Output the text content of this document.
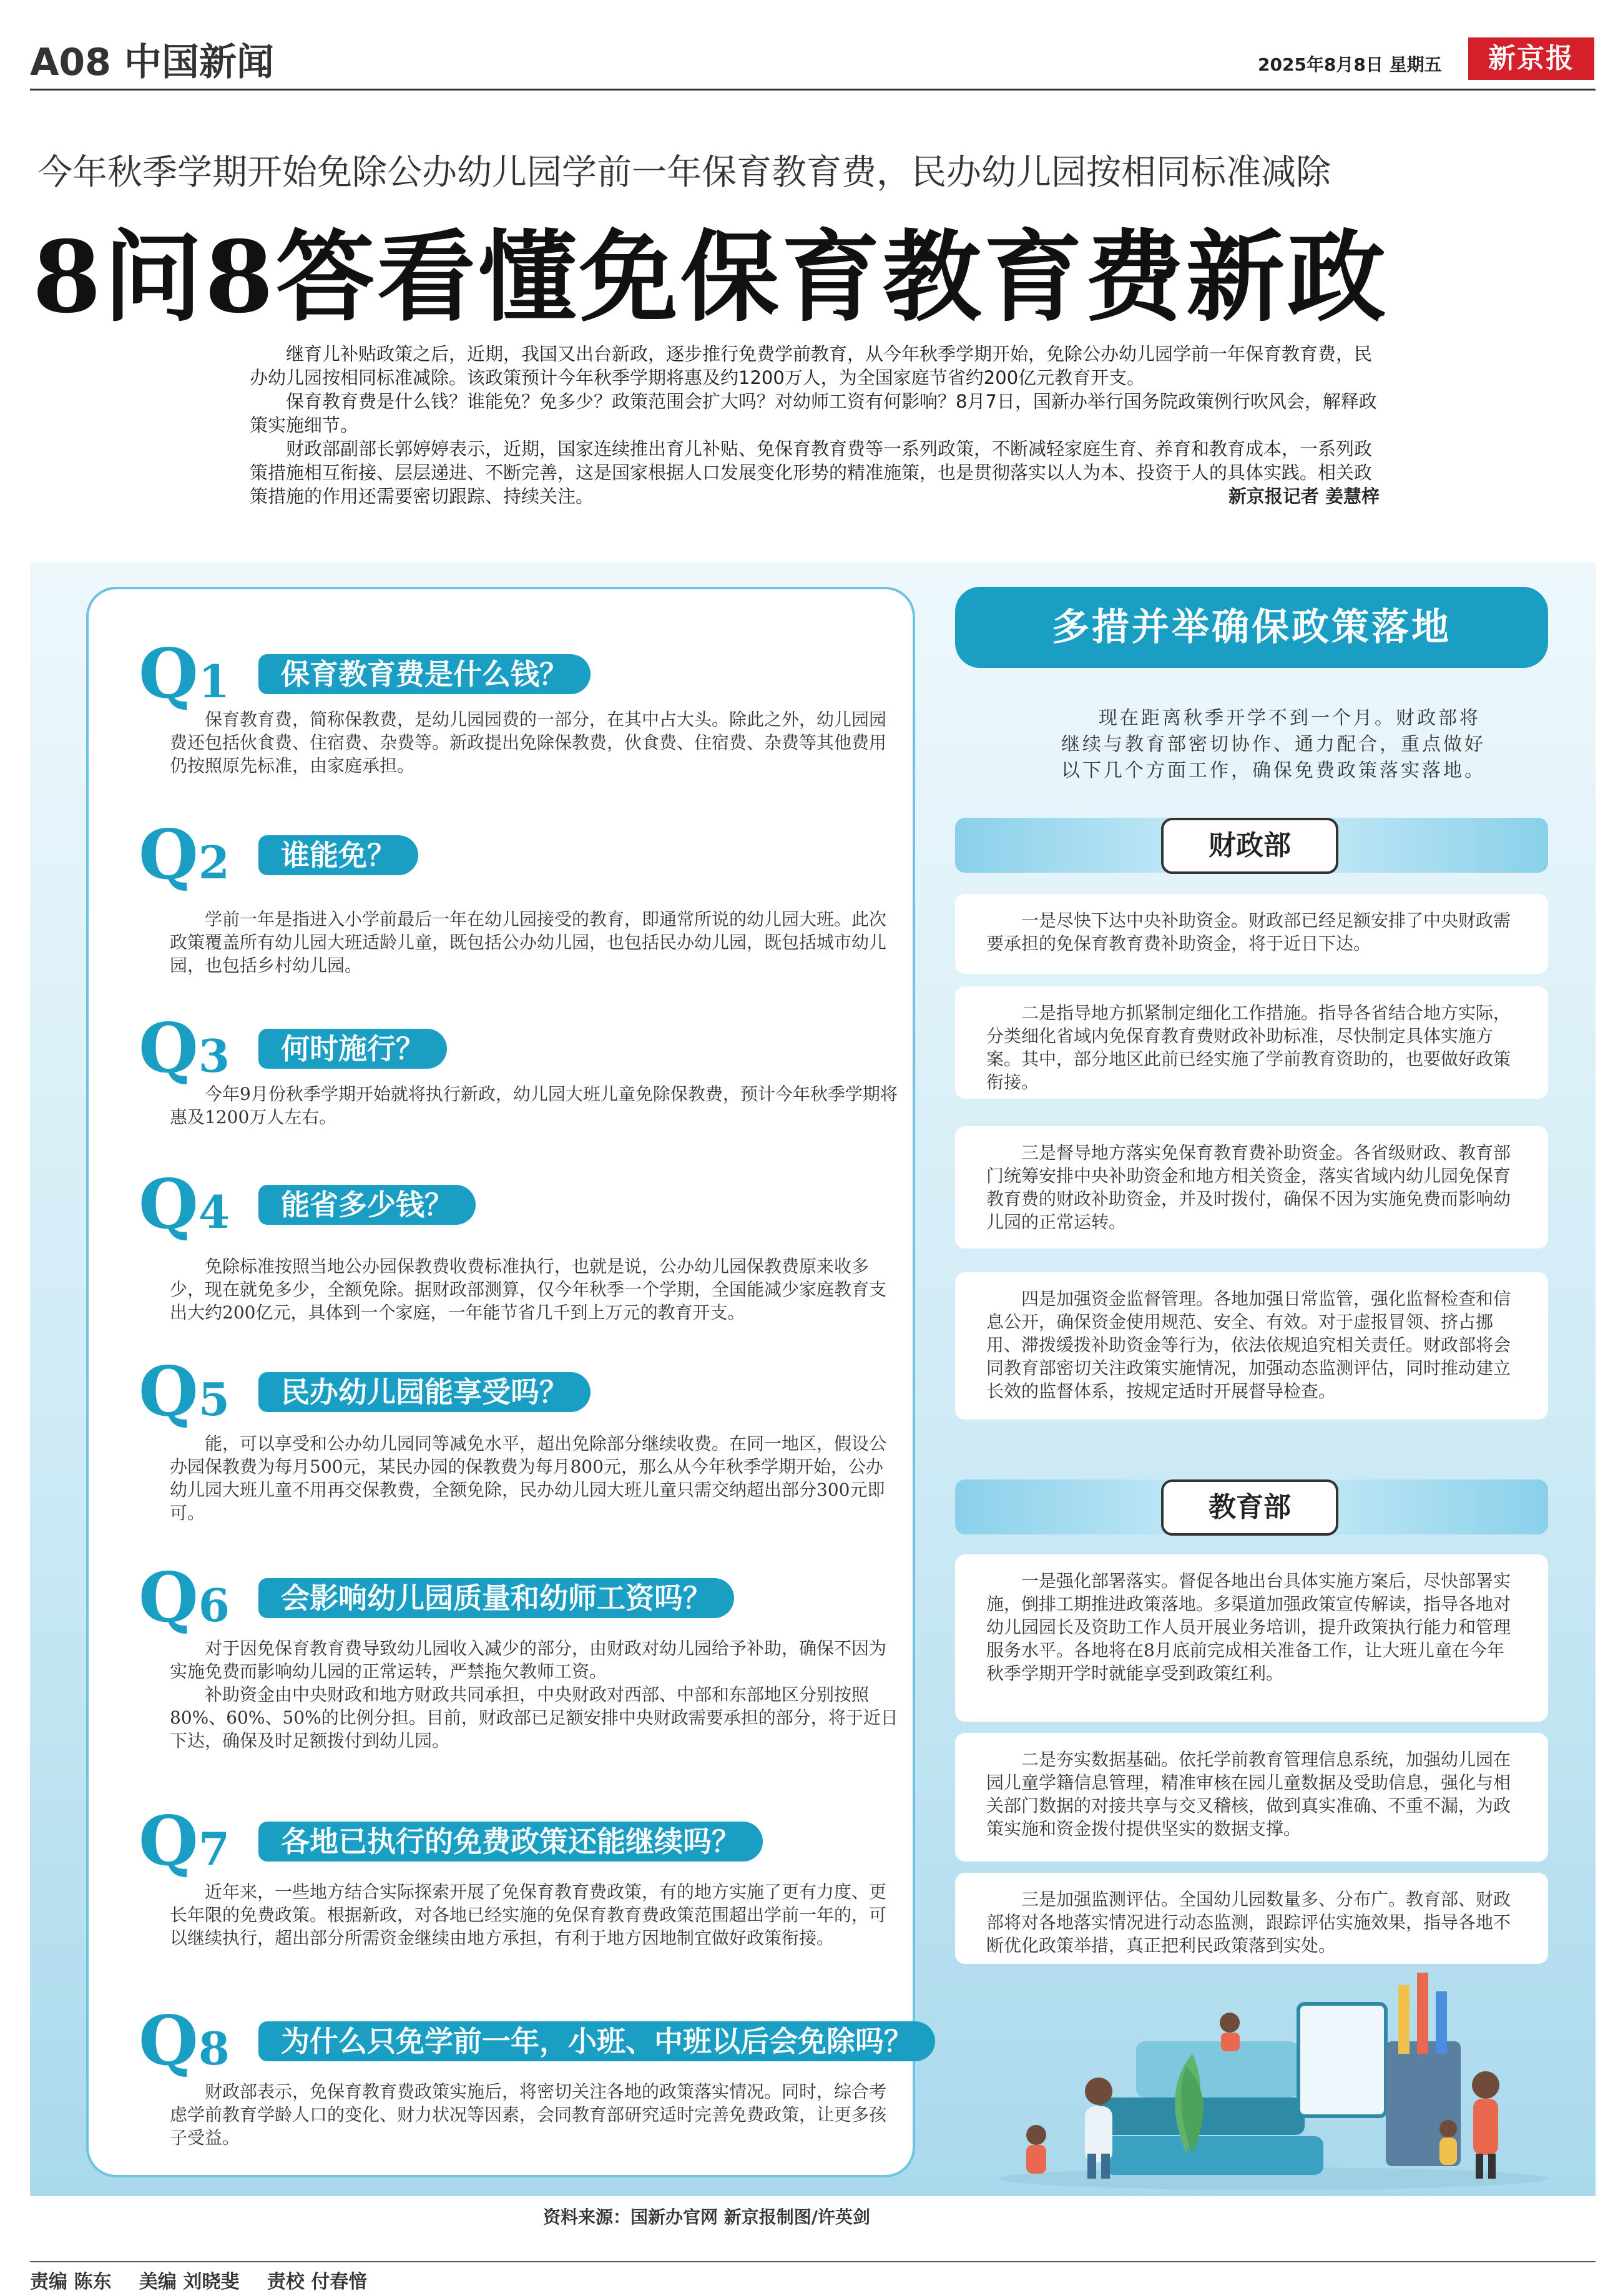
A08 中国新闻	2025年8月8日 星期五	新京报
今年秋季学期开始免除公办幼儿园学前一年保育教育费，民办幼儿园按相同标准减除
8问8答看懂免保育教育费新政

继育儿补贴政策之后，近期，我国又出台新政，逐步推行免费学前教育，从今年秋季学期开始，免除公办幼儿园学前一年保育教育费，民办幼儿园按相同标准减除。该政策预计今年秋季学期将惠及约1200万人，为全国家庭节省约200亿元教育开支。

保育教育费是什么钱？谁能免？免多少？政策范围会扩大吗？对幼师工资有何影响？8月7日，国新办举行国务院政策例行吹风会，解释政策实施细节。

财政部副部长郭婷婷表示，近期，国家连续推出育儿补贴、免保育教育费等一系列政策，不断减轻家庭生育、养育和教育成本，一系列政策措施相互衔接、层层递进、不断完善，这是国家根据人口发展变化形势的精准施策，也是贯彻落实以人为本、投资于人的具体实践。相关政策措施的作用还需要密切跟踪、持续关注。	新京报记者 姜慧梓

Q1	保育教育费是什么钱？

保育教育费，简称保教费，是幼儿园园费的一部分，在其中占大头。除此之外，幼儿园园费还包括伙食费、住宿费、杂费等。新政提出免除保教费，伙食费、住宿费、杂费等其他费用仍按照原先标准，由家庭承担。

Q2	谁能免？

学前一年是指进入小学前最后一年在幼儿园接受的教育，即通常所说的幼儿园大班。此次政策覆盖所有幼儿园大班适龄儿童，既包括公办幼儿园，也包括民办幼儿园，既包括城市幼儿园，也包括乡村幼儿园。

Q3	何时施行？

今年9月份秋季学期开始就将执行新政，幼儿园大班儿童免除保教费，预计今年秋季学期将惠及1200万人左右。

Q4	能省多少钱？

免除标准按照当地公办园保教费收费标准执行，也就是说，公办幼儿园保教费原来收多少，现在就免多少，全额免除。据财政部测算，仅今年秋季一个学期，全国能减少家庭教育支出大约200亿元，具体到一个家庭，一年能节省几千到上万元的教育开支。

Q5	民办幼儿园能享受吗？

能，可以享受和公办幼儿园同等减免水平，超出免除部分继续收费。在同一地区，假设公办园保教费为每月500元，某民办园的保教费为每月800元，那么从今年秋季学期开始，公办幼儿园大班儿童不用再交保教费，全额免除，民办幼儿园大班儿童只需交纳超出部分300元即可。

Q6	会影响幼儿园质量和幼师工资吗？

对于因免保育教育费导致幼儿园收入减少的部分，由财政对幼儿园给予补助，确保不因为实施免费而影响幼儿园的正常运转，严禁拖欠教师工资。

补助资金由中央财政和地方财政共同承担，中央财政对西部、中部和东部地区分别按照80%、60%、50%的比例分担。目前，财政部已足额安排中央财政需要承担的部分，将于近日下达，确保及时足额拨付到幼儿园。

Q7	各地已执行的免费政策还能继续吗？

近年来，一些地方结合实际探索开展了免保育教育费政策，有的地方实施了更有力度、更长年限的免费政策。根据新政，对各地已经实施的免保育教育费政策范围超出学前一年的，可以继续执行，超出部分所需资金继续由地方承担，有利于地方因地制宜做好政策衔接。

Q8	为什么只免学前一年，小班、中班以后会免除吗？

财政部表示，免保育教育费政策实施后，将密切关注各地的政策落实情况。同时，综合考虑学前教育学龄人口的变化、财力状况等因素，会同教育部研究适时完善免费政策，让更多孩子受益。

多措并举确保政策落地
现在距离秋季开学不到一个月。财政部将继续与教育部密切协作、通力配合，重点做好以下几个方面工作，确保免费政策落实落地。
财政部

一是尽快下达中央补助资金。财政部已经足额安排了中央财政需要承担的免保育教育费补助资金，将于近日下达。

二是指导地方抓紧制定细化工作措施。指导各省结合地方实际，分类细化省域内免保育教育费财政补助标准，尽快制定具体实施方案。其中，部分地区此前已经实施了学前教育资助的，也要做好政策衔接。

三是督导地方落实免保育教育费补助资金。各省级财政、教育部门统筹安排中央补助资金和地方相关资金，落实省域内幼儿园免保育教育费的财政补助资金，并及时拨付，确保不因为实施免费而影响幼儿园的正常运转。

四是加强资金监督管理。各地加强日常监管，强化监督检查和信息公开，确保资金使用规范、安全、有效。对于虚报冒领、挤占挪用、滞拨缓拨补助资金等行为，依法依规追究相关责任。财政部将会同教育部密切关注政策实施情况，加强动态监测评估，同时推动建立长效的监督体系，按规定适时开展督导检查。

教育部

一是强化部署落实。督促各地出台具体实施方案后，尽快部署实施，倒排工期推进政策落地。多渠道加强政策宣传解读，指导各地对幼儿园园长及资助工作人员开展业务培训，提升政策执行能力和管理服务水平。各地将在8月底前完成相关准备工作，让大班儿童在今年秋季学期开学时就能享受到政策红利。

二是夯实数据基础。依托学前教育管理信息系统，加强幼儿园在园儿童学籍信息管理，精准审核在园儿童数据及受助信息，强化与相关部门数据的对接共享与交叉稽核，做到真实准确、不重不漏，为政策实施和资金拨付提供坚实的数据支撑。

三是加强监测评估。全国幼儿园数量多、分布广。教育部、财政部将对各地落实情况进行动态监测，跟踪评估实施效果，指导各地不断优化政策举措，真正把利民政策落到实处。

资料来源：国新办官网 新京报制图/许英剑
责编 陈东 美编 刘晓斐 责校 付春愔
